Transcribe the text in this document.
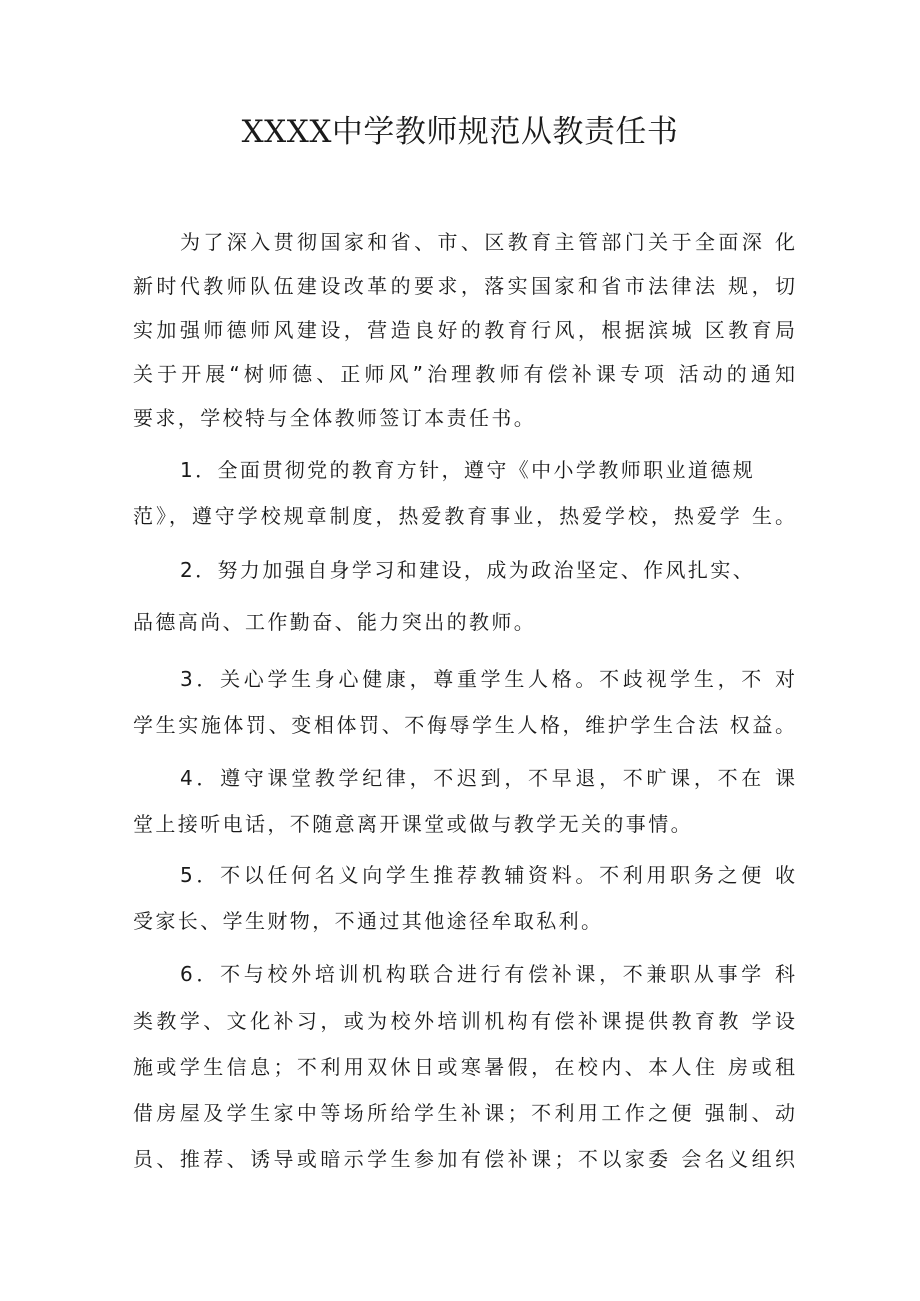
XXXX中学教师规范从教责任书
为了深入贯彻国家和省、市、区教育主管部门关于全面深 化
新时代教师队伍建设改革的要求，落实国家和省市法律法 规，切
实加强师德师风建设，营造良好的教育行风，根据滨城 区教育局
关于开展“树师德、正师风”治理教师有偿补课专项 活动的通知
要求，学校特与全体教师签订本责任书。
1．全面贯彻党的教育方针，遵守《中小学教师职业道德规
范》，遵守学校规章制度，热爱教育事业，热爱学校，热爱学 生。
2．努力加强自身学习和建设，成为政治坚定、作风扎实、
品德高尚、工作勤奋、能力突出的教师。
3．关心学生身心健康，尊重学生人格。不歧视学生，不 对
学生实施体罚、变相体罚、不侮辱学生人格，维护学生合法 权益。
4．遵守课堂教学纪律，不迟到，不早退，不旷课，不在 课
堂上接听电话，不随意离开课堂或做与教学无关的事情。
5．不以任何名义向学生推荐教辅资料。不利用职务之便 收
受家长、学生财物，不通过其他途径牟取私利。
6．不与校外培训机构联合进行有偿补课，不兼职从事学 科
类教学、文化补习，或为校外培训机构有偿补课提供教育教 学设
施或学生信息；不利用双休日或寒暑假，在校内、本人住 房或租
借房屋及学生家中等场所给学生补课；不利用工作之便 强制、动
员、推荐、诱导或暗示学生参加有偿补课；不以家委 会名义组织
